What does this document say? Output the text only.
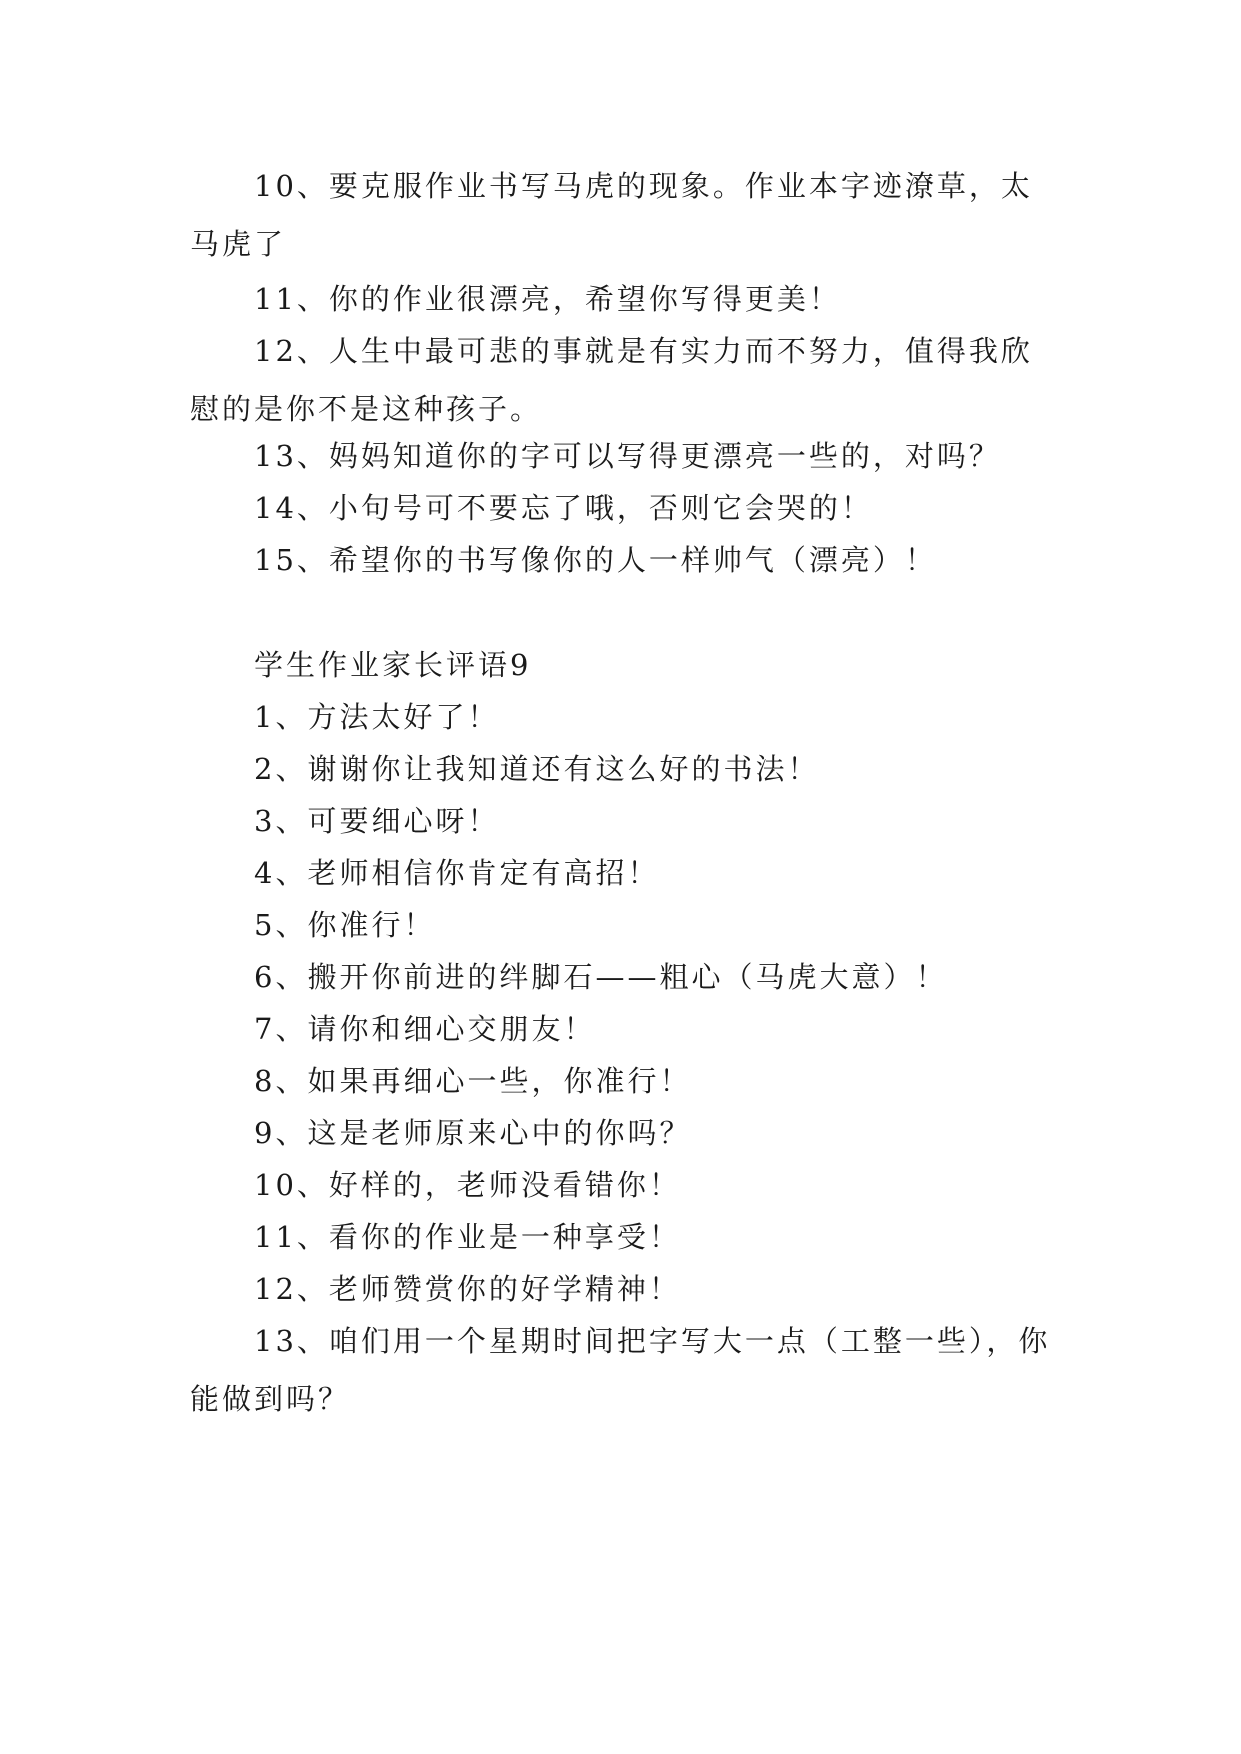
10、要克服作业书写马虎的现象。作业本字迹潦草，太马虎了

11、你的作业很漂亮，希望你写得更美！

12、人生中最可悲的事就是有实力而不努力，值得我欣慰的是你不是这种孩子。

13、妈妈知道你的字可以写得更漂亮一些的，对吗？

14、小句号可不要忘了哦，否则它会哭的！

15、希望你的书写像你的人一样帅气（漂亮）！

学生作业家长评语9

1、方法太好了！

2、谢谢你让我知道还有这么好的书法！

3、可要细心呀！

4、老师相信你肯定有高招！

5、你准行！

6、搬开你前进的绊脚石——粗心（马虎大意）！

7、请你和细心交朋友！

8、如果再细心一些，你准行！

9、这是老师原来心中的你吗？

10、好样的，老师没看错你！

11、看你的作业是一种享受！

12、老师赞赏你的好学精神！

13、咱们用一个星期时间把字写大一点（工整一些），你能做到吗？
